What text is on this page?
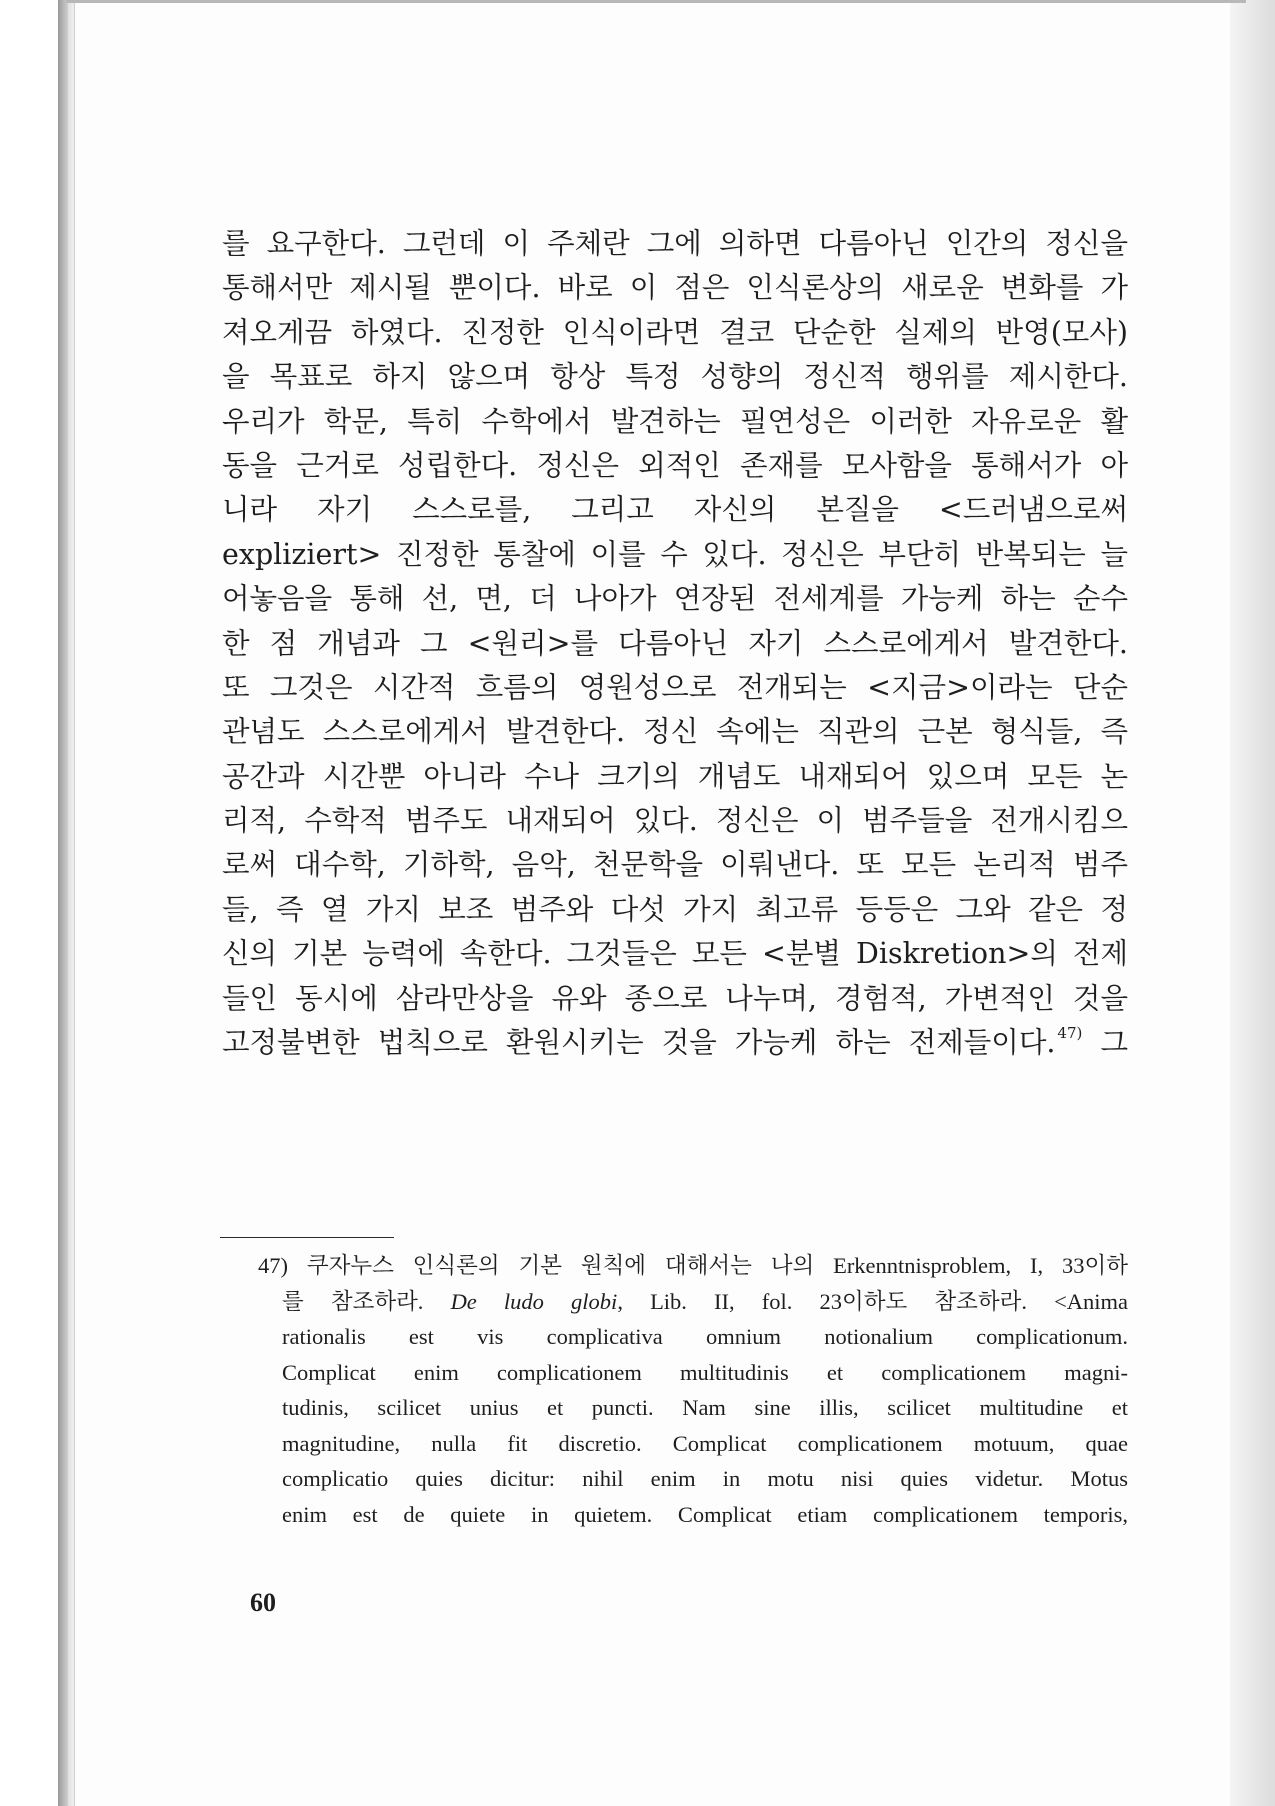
를 요구한다. 그런데 이 주체란 그에 의하면 다름아닌 인간의 정신을
통해서만 제시될 뿐이다. 바로 이 점은 인식론상의 새로운 변화를 가
져오게끔 하였다. 진정한 인식이라면 결코 단순한 실제의 반영(모사)
을 목표로 하지 않으며 항상 특정 성향의 정신적 행위를 제시한다.
우리가 학문, 특히 수학에서 발견하는 필연성은 이러한 자유로운 활
동을 근거로 성립한다. 정신은 외적인 존재를 모사함을 통해서가 아
니라 자기 스스로를, 그리고 자신의 본질을 <드러냄으로써
expliziert> 진정한 통찰에 이를 수 있다. 정신은 부단히 반복되는 늘
어놓음을 통해 선, 면, 더 나아가 연장된 전세계를 가능케 하는 순수
한 점 개념과 그 <원리>를 다름아닌 자기 스스로에게서 발견한다.
또 그것은 시간적 흐름의 영원성으로 전개되는 <지금>이라는 단순
관념도 스스로에게서 발견한다. 정신 속에는 직관의 근본 형식들, 즉
공간과 시간뿐 아니라 수나 크기의 개념도 내재되어 있으며 모든 논
리적, 수학적 범주도 내재되어 있다. 정신은 이 범주들을 전개시킴으
로써 대수학, 기하학, 음악, 천문학을 이뤄낸다. 또 모든 논리적 범주
들, 즉 열 가지 보조 범주와 다섯 가지 최고류 등등은 그와 같은 정
신의 기본 능력에 속한다. 그것들은 모든 <분별 Diskretion>의 전제
들인 동시에 삼라만상을 유와 종으로 나누며, 경험적, 가변적인 것을
고정불변한 법칙으로 환원시키는 것을 가능케 하는 전제들이다. $^{47)}$ 그
47) 쿠자누스 인식론의 기본 원칙에 대해서는 나의 Erkenntnisproblem, I, 33이하
를 참조하라. De ludo globi, Lib. II, fol. 23이하도 참조하라. <Anima
rationalis est vis complicativa omnium notionalium complicationum.
Complicat enim complicationem multitudinis et complicationem magni-
tudinis, scilicet unius et puncti. Nam sine illis, scilicet multitudine et
magnitudine, nulla fit discretio. Complicat complicationem motuum, quae
complicatio quies dicitur: nihil enim in motu nisi quies videtur. Motus
enim est de quiete in quietem. Complicat etiam complicationem temporis,
60
